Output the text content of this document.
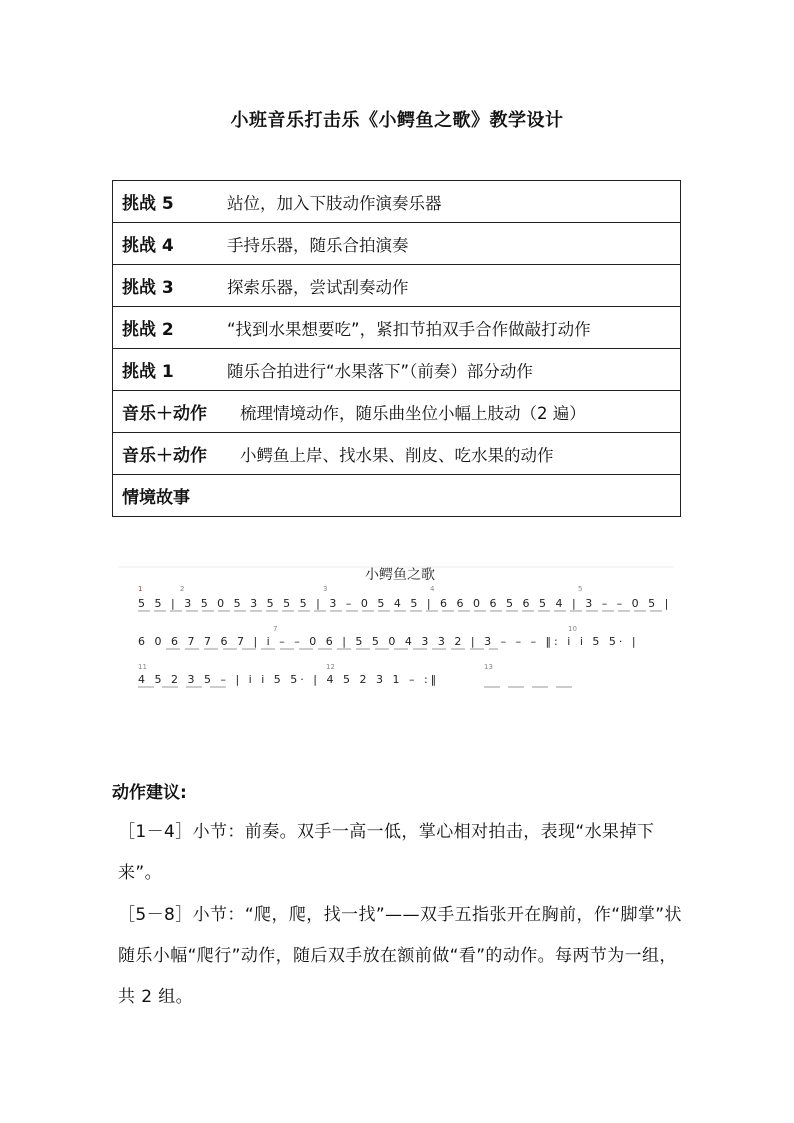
小班音乐打击乐《小鳄鱼之歌》教学设计
挑战 5	站位，加入下肢动作演奏乐器
挑战 4	手持乐器，随乐合拍演奏
挑战 3	探索乐器，尝试刮奏动作
挑战 2	“找到水果想要吃”，紧扣节拍双手合作做敲打动作
挑战 1	随乐合拍进行“水果落下”（前奏）部分动作
音乐＋动作 梳理情境动作，随乐曲坐位小幅上肢动（2 遍）
音乐＋动作 小鳄鱼上岸、找水果、削皮、吃水果的动作
情境故事
小鳄鱼之歌
1	2	3	4	5
5 5 | 3 5 0 5 3 5 5 5 | 3 – 0 5 4 5 | 6 6 0 6 5 6 5 4 | 3 – – 0 5 |
7	10
6 0 6 7 7 6 7 | i – – 0 6 | 5 5 0 4 3 3 2 | 3 – – – ‖: i i 5 5· |
11	12	13
4 5 2 3 5 – | i i 5 5· | 4 5 2 3 1 – :‖
动作建议:
［1－4］小节：前奏。双手一高一低，掌心相对拍击，表现“水果掉下来”。
［5－8］小节：“爬，爬，找一找”——双手五指张开在胸前，作“脚掌”状随乐小幅“爬行”动作，随后双手放在额前做“看”的动作。每两节为一组，共 2 组。
